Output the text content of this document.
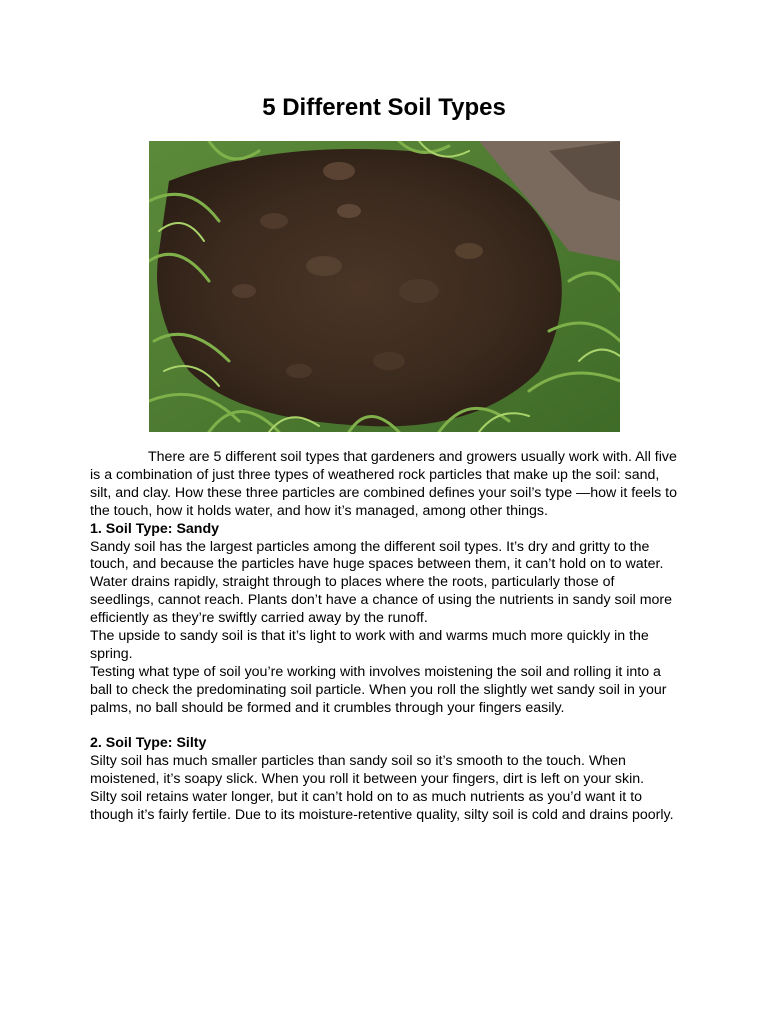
5 Different Soil Types

There are 5 different soil types that gardeners and growers usually work with. All five is a combination of just three types of weathered rock particles that make up the soil: sand, silt, and clay. How these three particles are combined defines your soil’s type —how it feels to the touch, how it holds water, and how it’s managed, among other things.

1. Soil Type: Sandy

Sandy soil has the largest particles among the different soil types. It’s dry and gritty to the touch, and because the particles have huge spaces between them, it can’t hold on to water.

Water drains rapidly, straight through to places where the roots, particularly those of seedlings, cannot reach. Plants don’t have a chance of using the nutrients in sandy soil more efficiently as they’re swiftly carried away by the runoff.

The upside to sandy soil is that it’s light to work with and warms much more quickly in the spring.

Testing what type of soil you’re working with involves moistening the soil and rolling it into a ball to check the predominating soil particle. When you roll the slightly wet sandy soil in your palms, no ball should be formed and it crumbles through your fingers easily.

2. Soil Type: Silty

Silty soil has much smaller particles than sandy soil so it’s smooth to the touch. When moistened, it’s soapy slick. When you roll it between your fingers, dirt is left on your skin.

Silty soil retains water longer, but it can’t hold on to as much nutrients as you’d want it to though it’s fairly fertile. Due to its moisture-retentive quality, silty soil is cold and drains poorly.
